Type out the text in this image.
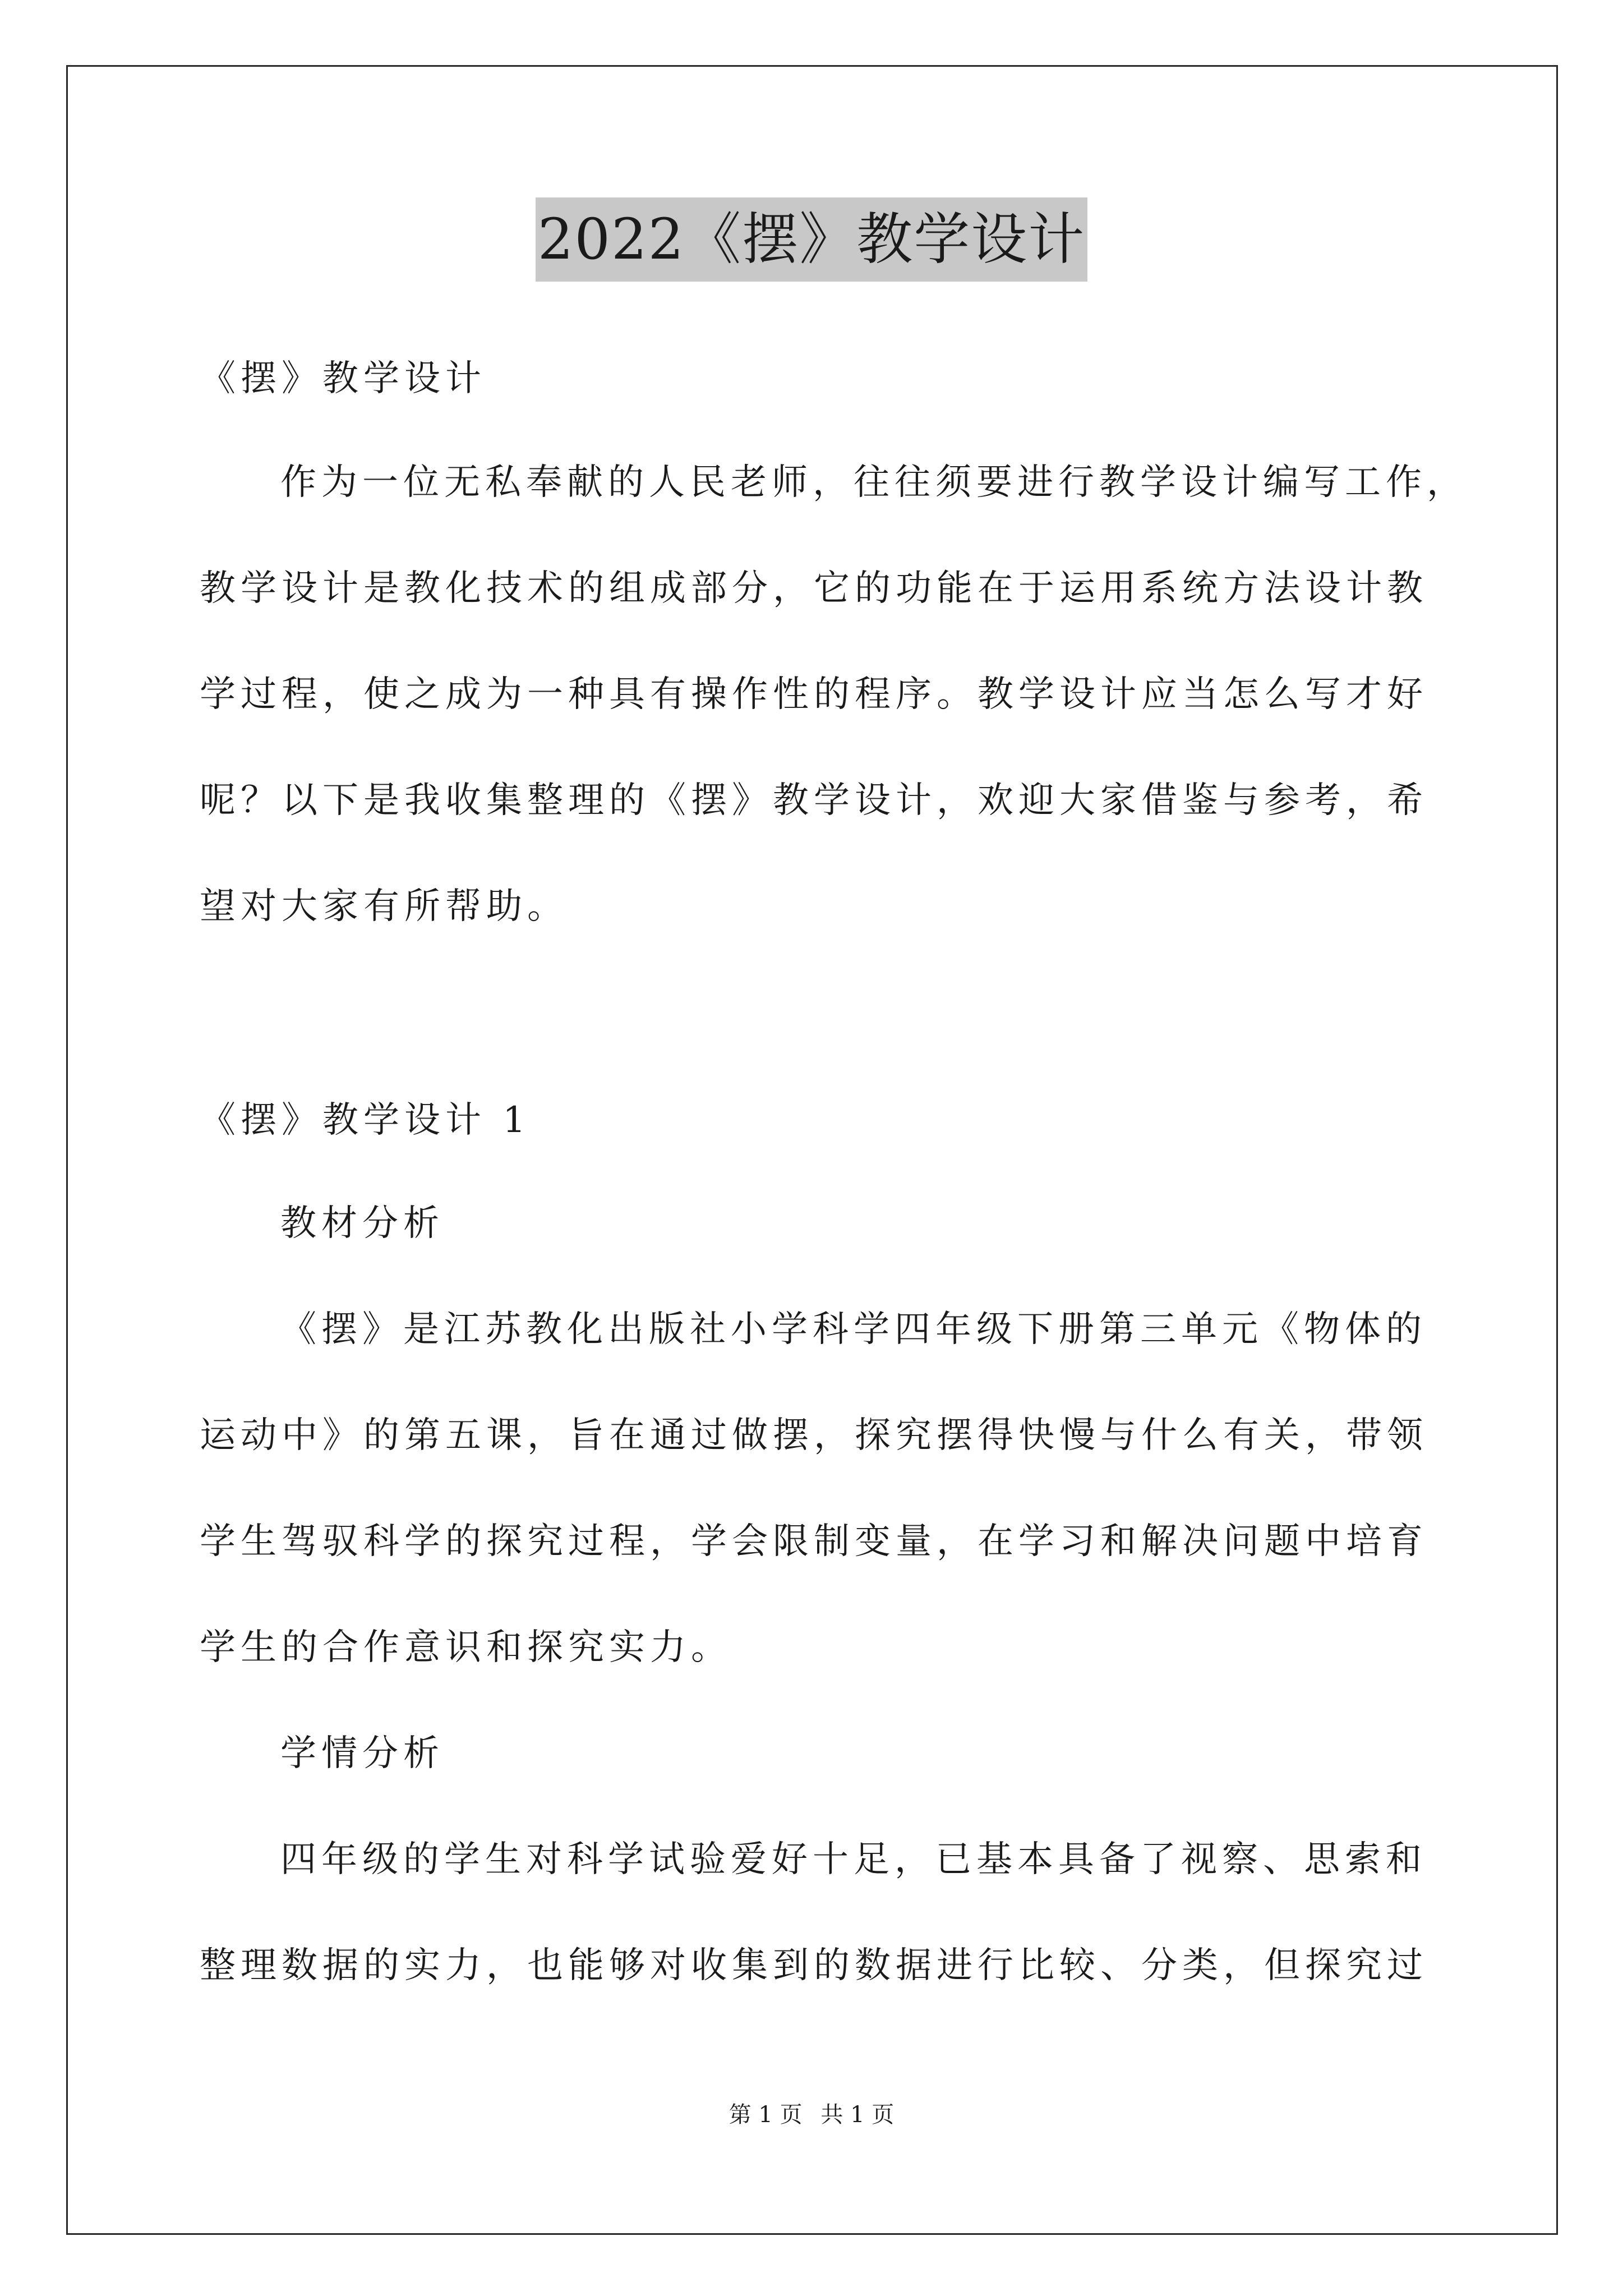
2022《摆》教学设计
《摆》教学设计
作为一位无私奉献的人民老师，往往须要进行教学设计编写工作，
教学设计是教化技术的组成部分，它的功能在于运用系统方法设计教
学过程，使之成为一种具有操作性的程序。教学设计应当怎么写才好
呢？以下是我收集整理的《摆》教学设计，欢迎大家借鉴与参考，希
望对大家有所帮助。
《摆》教学设计 1
教材分析
《摆》是江苏教化出版社小学科学四年级下册第三单元《物体的
运动中》的第五课，旨在通过做摆，探究摆得快慢与什么有关，带领
学生驾驭科学的探究过程，学会限制变量，在学习和解决问题中培育
学生的合作意识和探究实力。
学情分析
四年级的学生对科学试验爱好十足，已基本具备了视察、思索和
整理数据的实力，也能够对收集到的数据进行比较、分类，但探究过
第 1 页 共 1 页
